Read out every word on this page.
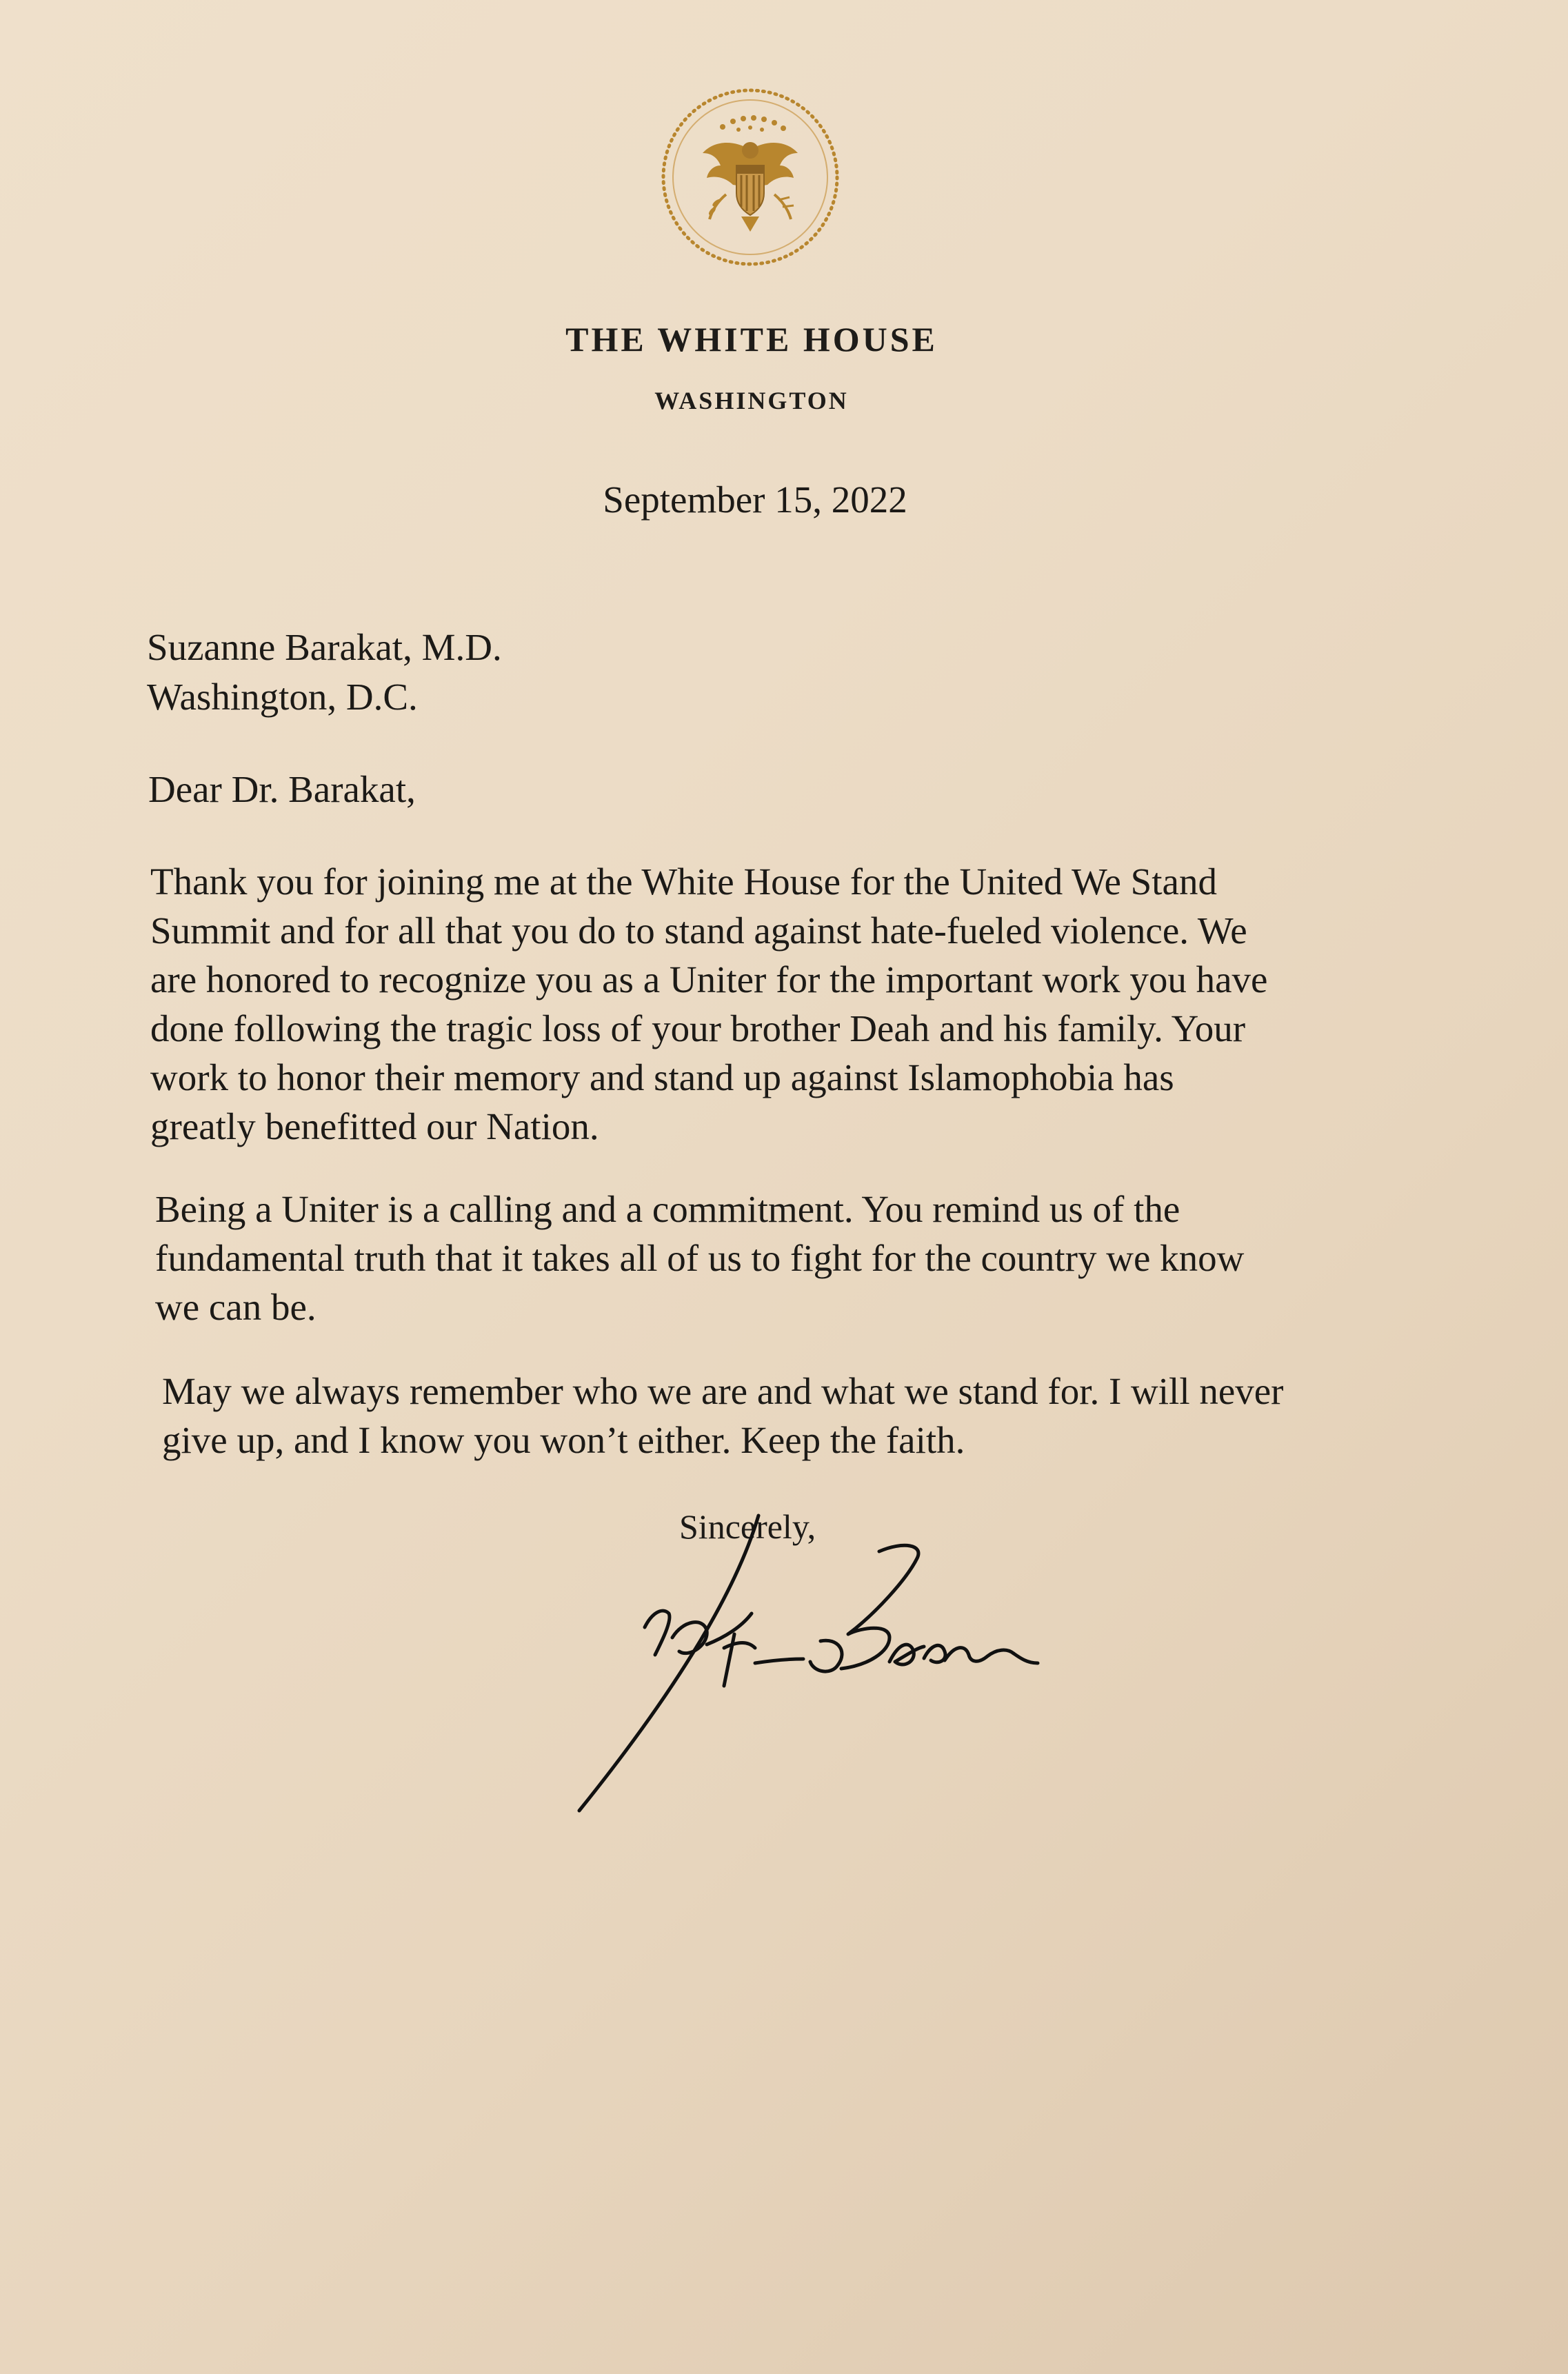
THE WHITE HOUSE
WASHINGTON
September 15, 2022
Suzanne Barakat, M.D.
Washington, D.C.
Dear Dr. Barakat,
Thank you for joining me at the White House for the United We Stand
Summit and for all that you do to stand against hate-fueled violence. We
are honored to recognize you as a Uniter for the important work you have
done following the tragic loss of your brother Deah and his family. Your
work to honor their memory and stand up against Islamophobia has
greatly benefitted our Nation.
Being a Uniter is a calling and a commitment. You remind us of the
fundamental truth that it takes all of us to fight for the country we know
we can be.
May we always remember who we are and what we stand for. I will never
give up, and I know you won’t either. Keep the faith.
Sincerely,
